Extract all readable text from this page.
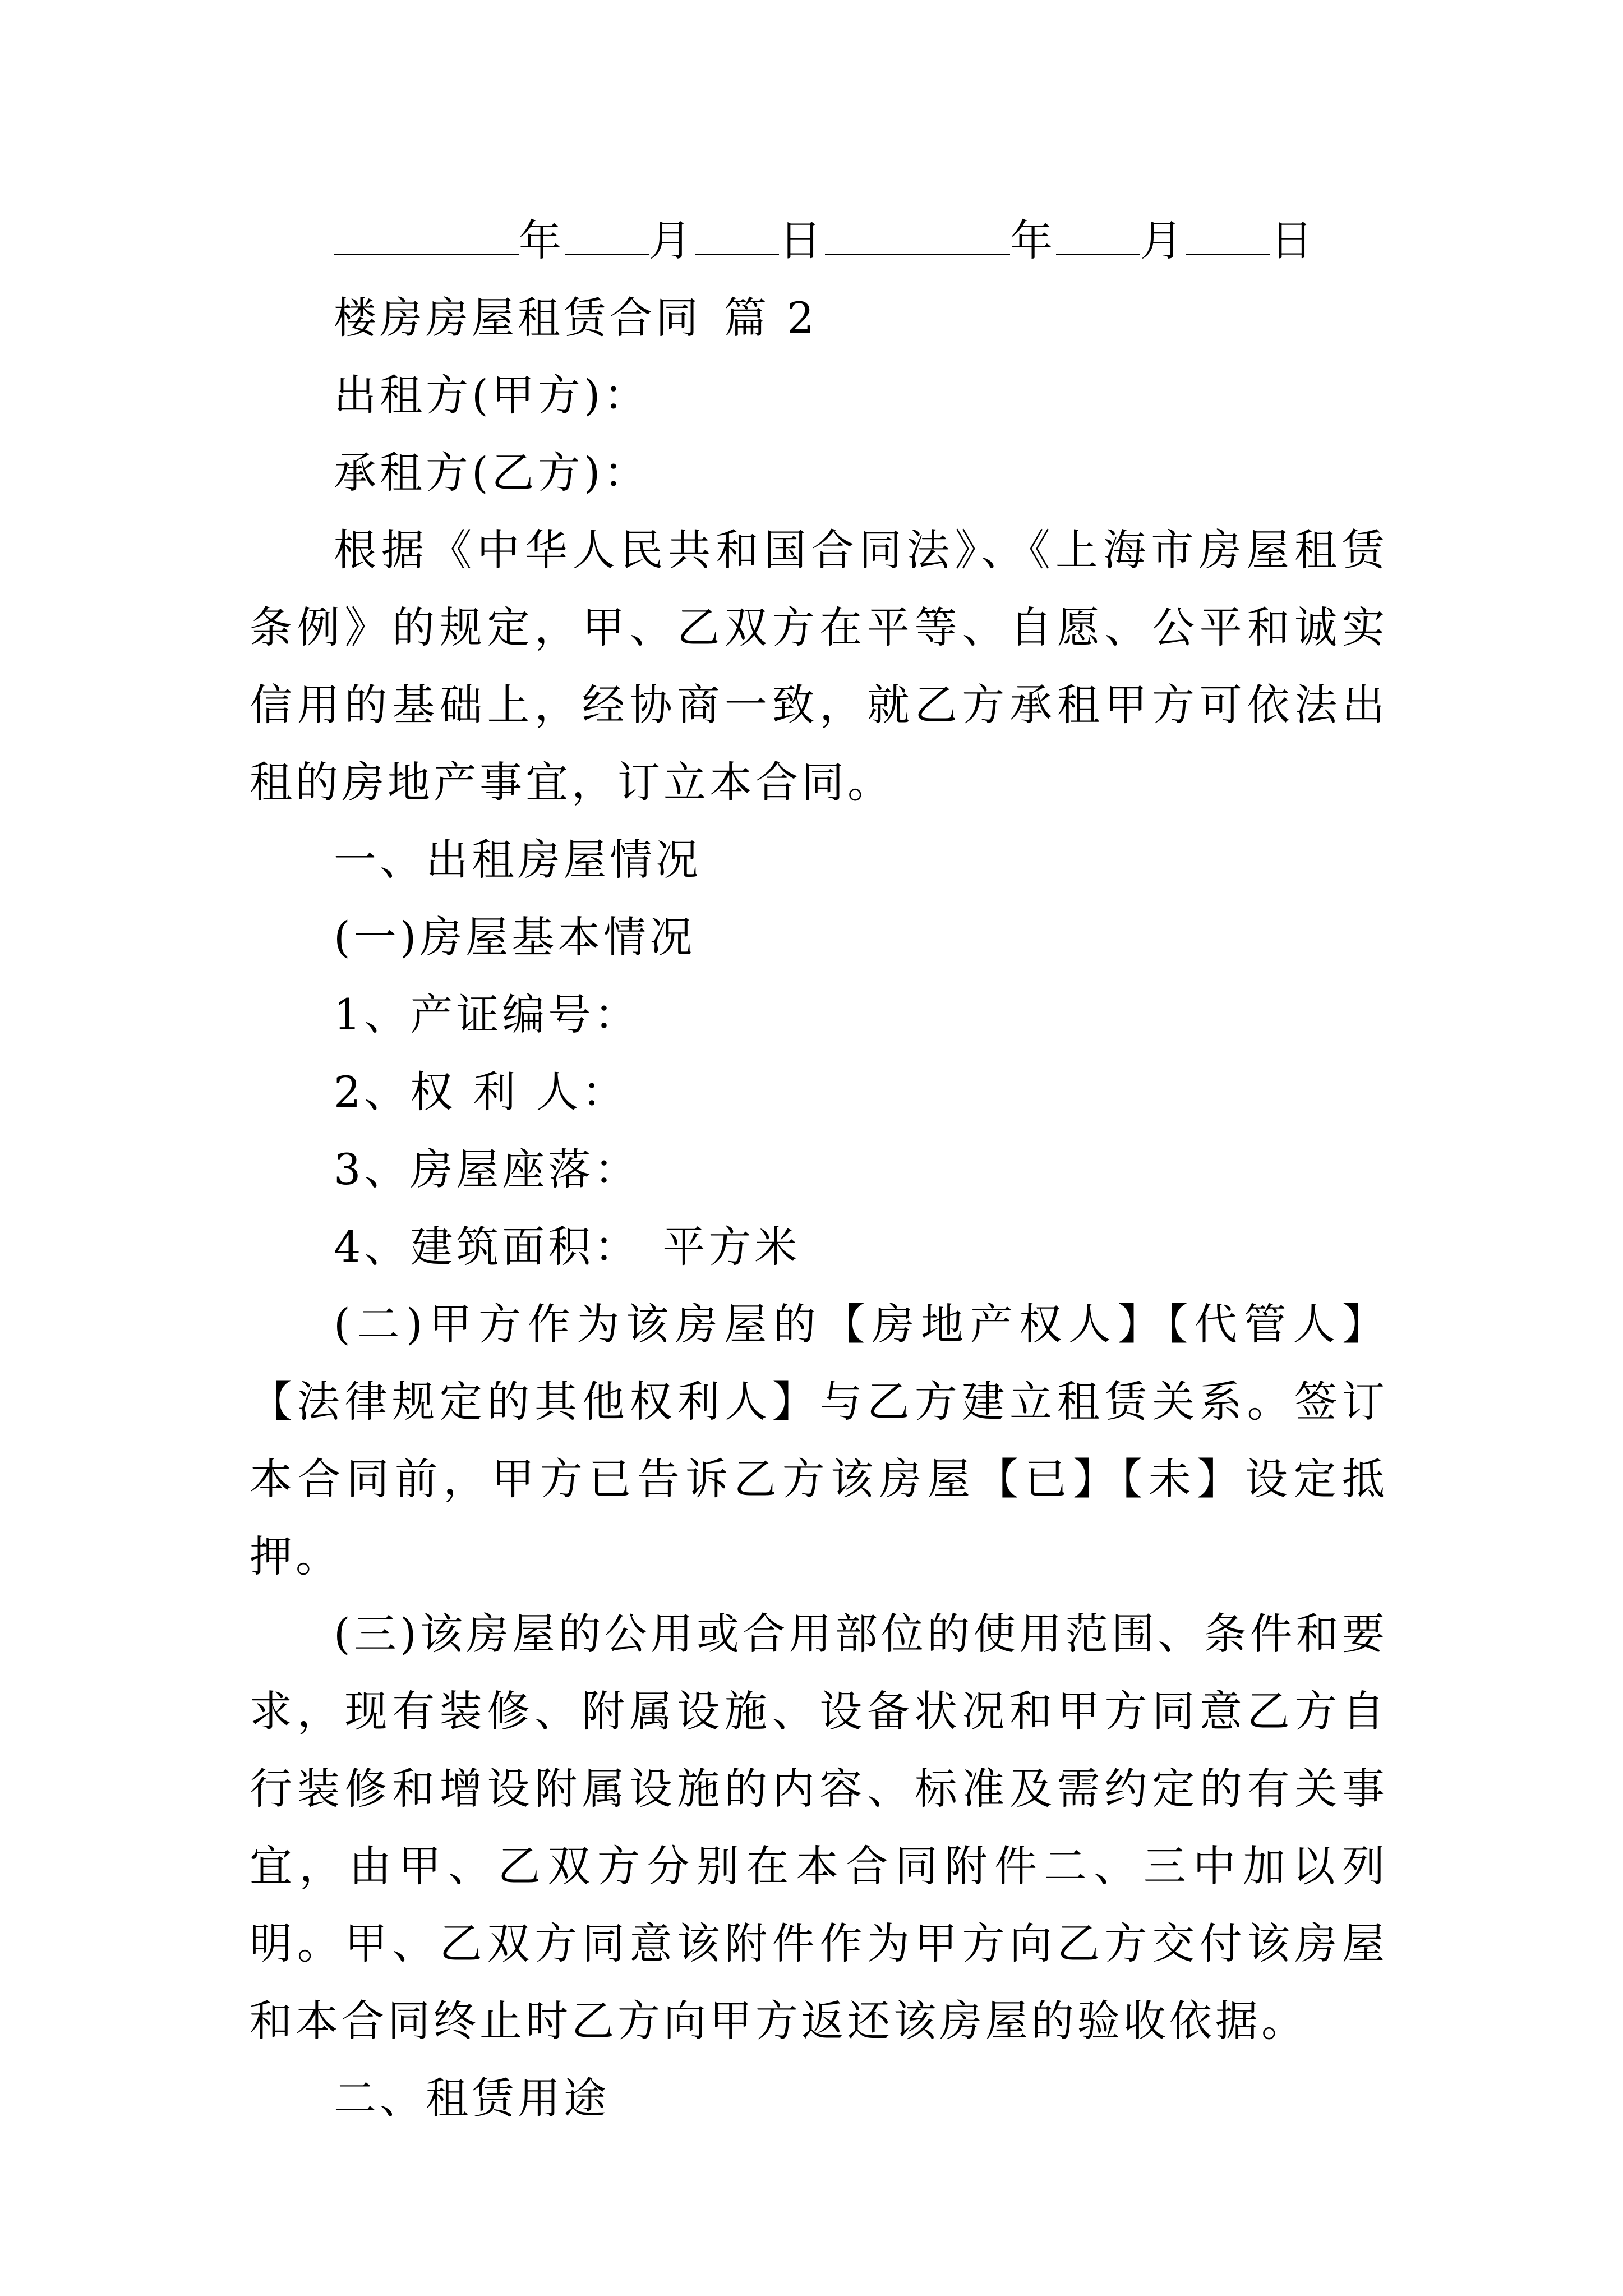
年 月 日	年 月 日

楼房房屋租赁合同 篇 2

出租方(甲方)：

承租方(乙方)：

根据《中华人民共和国合同法》、《上海市房屋租赁条例》的规定，甲、乙双方在平等、自愿、公平和诚实信用的基础上，经协商一致，就乙方承租甲方可依法出租的房地产事宜，订立本合同。

一、出租房屋情况

(一)房屋基本情况

1、产证编号：

2、权 利 人：

3、房屋座落：

4、建筑面积： 平方米

(二)甲方作为该房屋的【房地产权人】【代管人】【法律规定的其他权利人】与乙方建立租赁关系。签订本合同前，甲方已告诉乙方该房屋【已】【未】设定抵押。

(三)该房屋的公用或合用部位的使用范围、条件和要求，现有装修、附属设施、设备状况和甲方同意乙方自行装修和增设附属设施的内容、标准及需约定的有关事宜，由甲、乙双方分别在本合同附件二、三中加以列明。甲、乙双方同意该附件作为甲方向乙方交付该房屋和本合同终止时乙方向甲方返还该房屋的验收依据。

二、租赁用途
